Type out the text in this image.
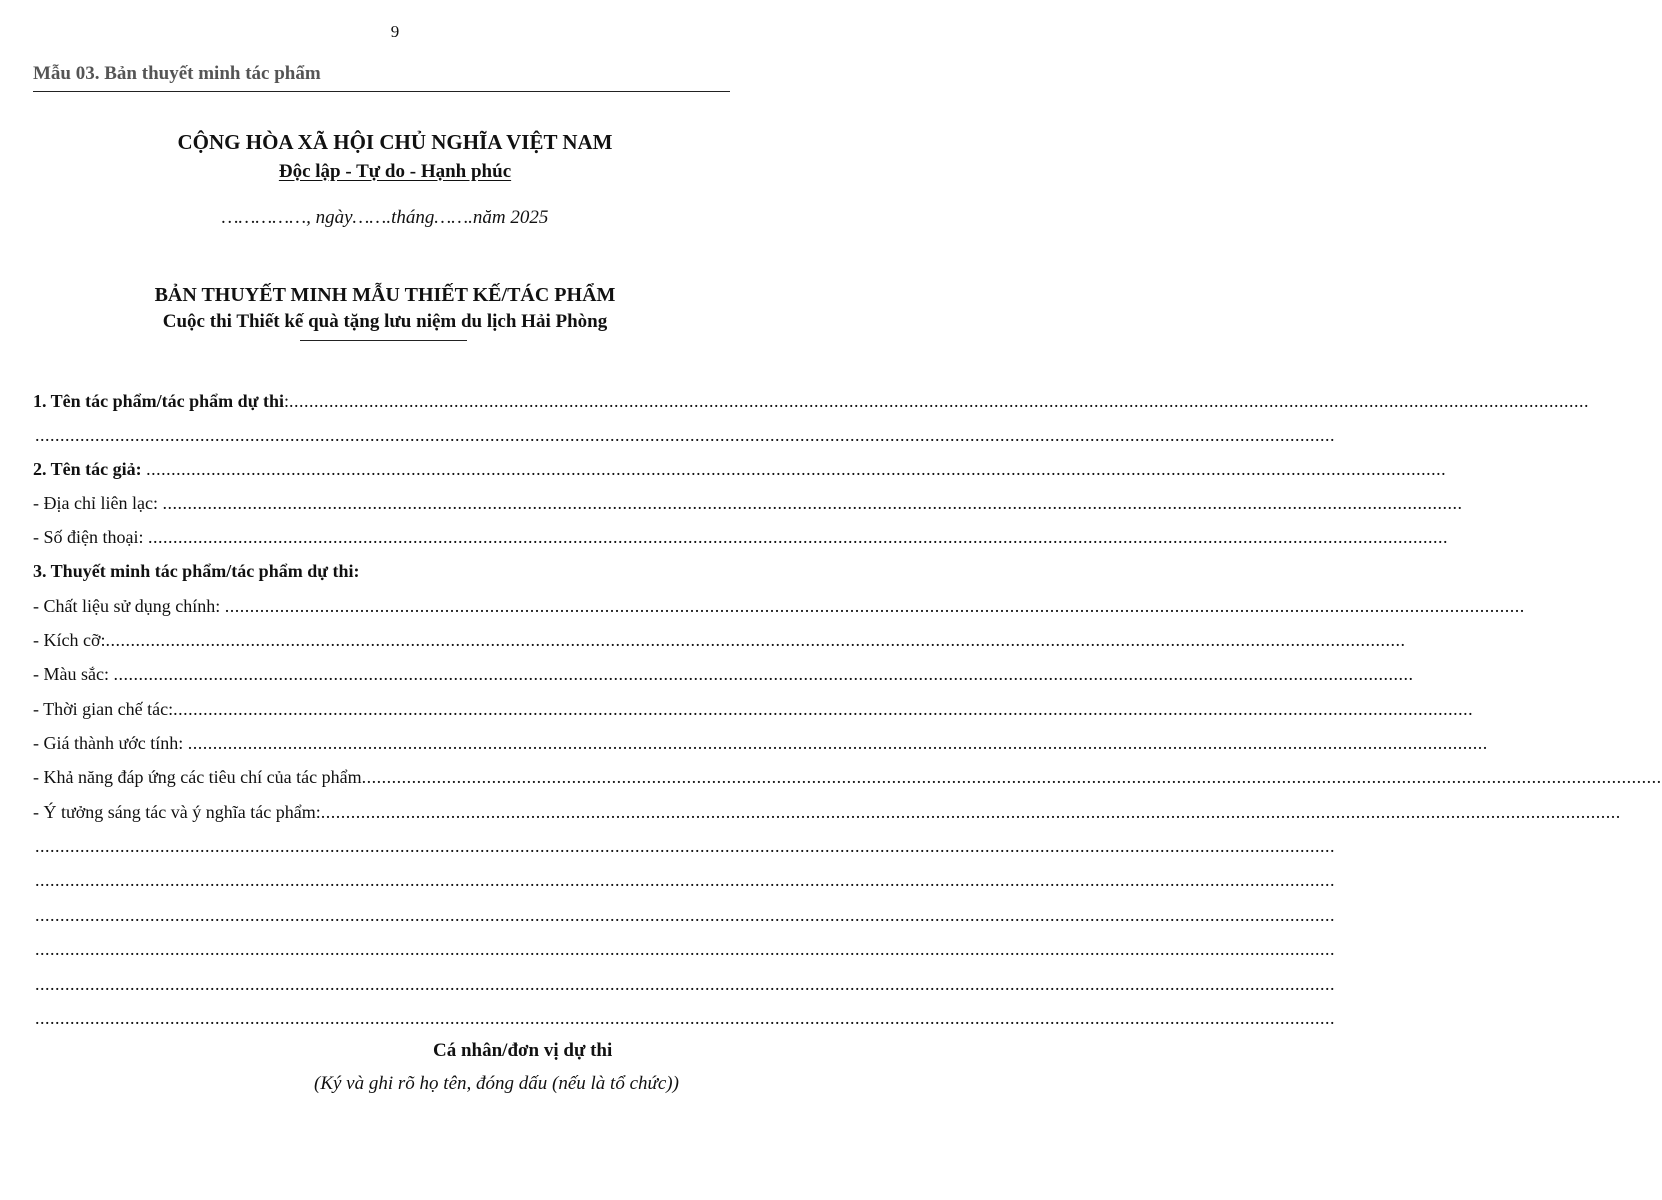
9
Mẫu 03. Bản thuyết minh tác phẩm
CỘNG HÒA XÃ HỘI CHỦ NGHĨA VIỆT NAM
Độc lập - Tự do - Hạnh phúc
……………, ngày…….tháng…….năm 2025
BẢN THUYẾT MINH MẪU THIẾT KẾ/TÁC PHẨM
Cuộc thi Thiết kế quà tặng lưu niệm du lịch Hải Phòng
1. Tên tác phẩm/tác phẩm dự thi:....................................................................................................................................................................................................................................................................
....................................................................................................................................................................................................................................................................
2. Tên tác giả: ....................................................................................................................................................................................................................................................................
- Địa chỉ liên lạc: ....................................................................................................................................................................................................................................................................
- Số điện thoại: ....................................................................................................................................................................................................................................................................
3. Thuyết minh tác phẩm/tác phẩm dự thi:
- Chất liệu sử dụng chính: ....................................................................................................................................................................................................................................................................
- Kích cỡ:....................................................................................................................................................................................................................................................................
- Màu sắc: ....................................................................................................................................................................................................................................................................
- Thời gian chế tác:....................................................................................................................................................................................................................................................................
- Giá thành ước tính: ....................................................................................................................................................................................................................................................................
- Khả năng đáp ứng các tiêu chí của tác phẩm....................................................................................................................................................................................................................................................................
- Ý tưởng sáng tác và ý nghĩa tác phẩm:....................................................................................................................................................................................................................................................................
....................................................................................................................................................................................................................................................................
....................................................................................................................................................................................................................................................................
....................................................................................................................................................................................................................................................................
....................................................................................................................................................................................................................................................................
....................................................................................................................................................................................................................................................................
....................................................................................................................................................................................................................................................................
Cá nhân/đơn vị dự thi
(Ký và ghi rõ họ tên, đóng dấu (nếu là tổ chức))
